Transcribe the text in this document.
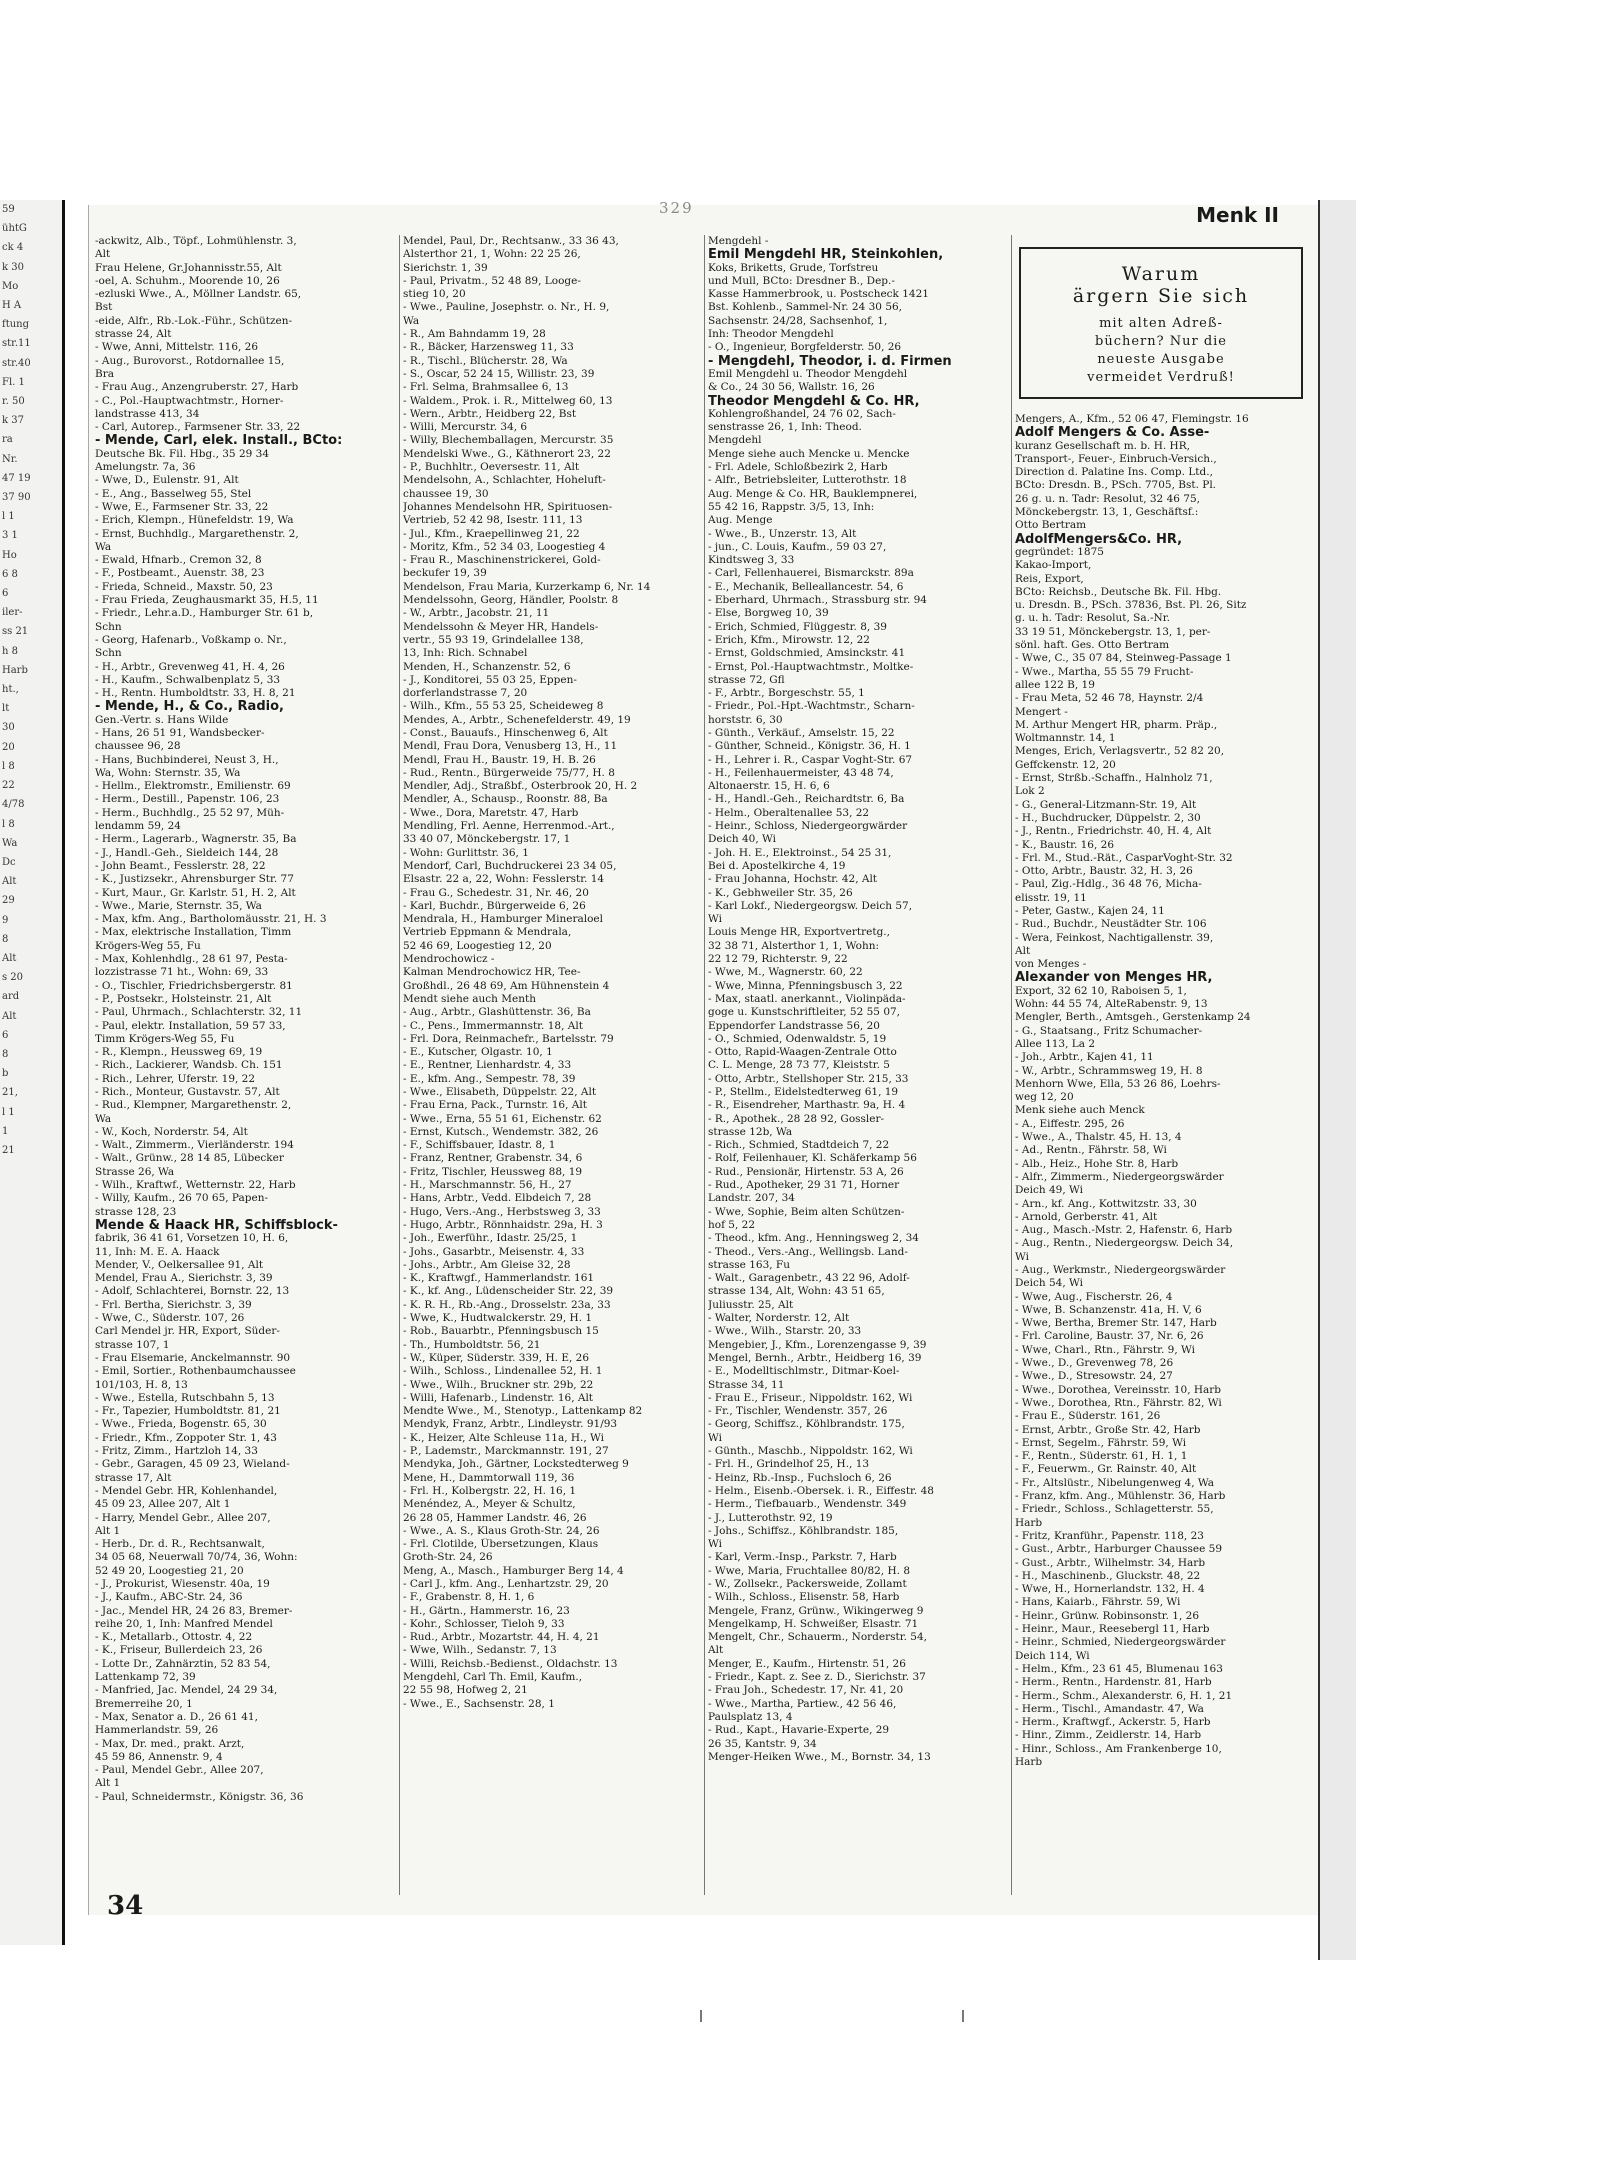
59
ühtG
ck 4
k 30
Mo
H A
ftung
str.11
str.40
Fl. 1
r. 50
k 37
ra
Nr.
47 19
37 90
l 1
3 1
Ho
6 8
6
iler-
ss 21
h 8
Harb
ht.,
lt
30
20
l 8
22
4/78
l 8
Wa
Dc
Alt
29
9
8
Alt
s 20
ard
Alt
6
8
b
21,
l 1
1
21
329	Menk II
-ackwitz, Alb., Töpf., Lohmühlenstr. 3,
Alt
Frau Helene, Gr.Johannisstr.55, Alt
-oel, A. Schuhm., Moorende 10, 26
-ezluski Wwe., A., Möllner Landstr. 65,
Bst
-eide, Alfr., Rb.-Lok.-Führ., Schützen-
strasse 24, Alt
- Wwe, Anni, Mittelstr. 116, 26
- Aug., Burovorst., Rotdornallee 15,
Bra
- Frau Aug., Anzengruberstr. 27, Harb
- C., Pol.-Hauptwachtmstr., Horner-
landstrasse 413, 34
- Carl, Autorep., Farmsener Str. 33, 22
- Mende, Carl, elek. Install., BCto:
Deutsche Bk. Fil. Hbg., 35 29 34
Amelungstr. 7a, 36
- Wwe, D., Eulenstr. 91, Alt
- E., Ang., Basselweg 55, Stel
- Wwe, E., Farmsener Str. 33, 22
- Erich, Klempn., Hünefeldstr. 19, Wa
- Ernst, Buchhdlg., Margarethenstr. 2,
Wa
- Ewald, Hfnarb., Cremon 32, 8
- F., Postbeamt., Auenstr. 38, 23
- Frieda, Schneid., Maxstr. 50, 23
- Frau Frieda, Zeughausmarkt 35, H.5, 11
- Friedr., Lehr.a.D., Hamburger Str. 61 b,
Schn
- Georg, Hafenarb., Voßkamp o. Nr.,
Schn
- H., Arbtr., Grevenweg 41, H. 4, 26
- H., Kaufm., Schwalbenplatz 5, 33
- H., Rentn. Humboldtstr. 33, H. 8, 21
- Mende, H., & Co., Radio,
Gen.-Vertr. s. Hans Wilde
- Hans, 26 51 91, Wandsbecker-
chaussee 96, 28
- Hans, Buchbinderei, Neust 3, H.,
Wa, Wohn: Sternstr. 35, Wa
- Hellm., Elektromstr., Emilienstr. 69
- Herm., Destill., Papenstr. 106, 23
- Herm., Buchhdlg., 25 52 97, Müh-
lendamm 59, 24
- Herm., Lagerarb., Wagnerstr. 35, Ba
- J., Handl.-Geh., Sieldeich 144, 28
- John Beamt., Fesslerstr. 28, 22
- K., Justizsekr., Ahrensburger Str. 77
- Kurt, Maur., Gr. Karlstr. 51, H. 2, Alt
- Wwe., Marie, Sternstr. 35, Wa
- Max, kfm. Ang., Bartholomäusstr. 21, H. 3
- Max, elektrische Installation, Timm
Krögers-Weg 55, Fu
- Max, Kohlenhdlg., 28 61 97, Pesta-
lozzistrasse 71 ht., Wohn: 69, 33
- O., Tischler, Friedrichsbergerstr. 81
- P., Postsekr., Holsteinstr. 21, Alt
- Paul, Uhrmach., Schlachterstr. 32, 11
- Paul, elektr. Installation, 59 57 33,
Timm Krögers-Weg 55, Fu
- R., Klempn., Heussweg 69, 19
- Rich., Lackierer, Wandsb. Ch. 151
- Rich., Lehrer, Uferstr. 19, 22
- Rich., Monteur, Gustavstr. 57, Alt
- Rud., Klempner, Margarethenstr. 2,
Wa
- W., Koch, Norderstr. 54, Alt
- Walt., Zimmerm., Vierländerstr. 194
- Walt., Grünw., 28 14 85, Lübecker
Strasse 26, Wa
- Wilh., Kraftwf., Wetternstr. 22, Harb
- Willy, Kaufm., 26 70 65, Papen-
strasse 128, 23
Mende & Haack HR, Schiffsblock-
fabrik, 36 41 61, Vorsetzen 10, H. 6,
11, Inh: M. E. A. Haack
Mender, V., Oelkersallee 91, Alt
Mendel, Frau A., Sierichstr. 3, 39
- Adolf, Schlachterei, Bornstr. 22, 13
- Frl. Bertha, Sierichstr. 3, 39
- Wwe, C., Süderstr. 107, 26
Carl Mendel jr. HR, Export, Süder-
strasse 107, 1
- Frau Elsemarie, Anckelmannstr. 90
- Emil, Sortier., Rothenbaumchaussee
101/103, H. 8, 13
- Wwe., Estella, Rutschbahn 5, 13
- Fr., Tapezier, Humboldtstr. 81, 21
- Wwe., Frieda, Bogenstr. 65, 30
- Friedr., Kfm., Zoppoter Str. 1, 43
- Fritz, Zimm., Hartzloh 14, 33
- Gebr., Garagen, 45 09 23, Wieland-
strasse 17, Alt
- Mendel Gebr. HR, Kohlenhandel,
45 09 23, Allee 207, Alt 1
- Harry, Mendel Gebr., Allee 207,
Alt 1
- Herb., Dr. d. R., Rechtsanwalt,
34 05 68, Neuerwall 70/74, 36, Wohn:
52 49 20, Loogestieg 21, 20
- J., Prokurist, Wiesenstr. 40a, 19
- J., Kaufm., ABC-Str. 24, 36
- Jac., Mendel HR, 24 26 83, Bremer-
reihe 20, 1, Inh: Manfred Mendel
- K., Metallarb., Ottostr. 4, 22
- K., Friseur, Bullerdeich 23, 26
- Lotte Dr., Zahnärztin, 52 83 54,
Lattenkamp 72, 39
- Manfried, Jac. Mendel, 24 29 34,
Bremerreihe 20, 1
- Max, Senator a. D., 26 61 41,
Hammerlandstr. 59, 26
- Max, Dr. med., prakt. Arzt,
45 59 86, Annenstr. 9, 4
- Paul, Mendel Gebr., Allee 207,
Alt 1
- Paul, Schneidermstr., Königstr. 36, 36
Mendel, Paul, Dr., Rechtsanw., 33 36 43,
Alsterthor 21, 1, Wohn: 22 25 26,
Sierichstr. 1, 39
- Paul, Privatm., 52 48 89, Looge-
stieg 10, 20
- Wwe., Pauline, Josephstr. o. Nr., H. 9,
Wa
- R., Am Bahndamm 19, 28
- R., Bäcker, Harzensweg 11, 33
- R., Tischl., Blücherstr. 28, Wa
- S., Oscar, 52 24 15, Willistr. 23, 39
- Frl. Selma, Brahmsallee 6, 13
- Waldem., Prok. i. R., Mittelweg 60, 13
- Wern., Arbtr., Heidberg 22, Bst
- Willi, Mercurstr. 34, 6
- Willy, Blechemballagen, Mercurstr. 35
Mendelski Wwe., G., Käthnerort 23, 22
- P., Buchhltr., Oeversestr. 11, Alt
Mendelsohn, A., Schlachter, Hoheluft-
chaussee 19, 30
Johannes Mendelsohn HR, Spirituosen-
Vertrieb, 52 42 98, Isestr. 111, 13
- Jul., Kfm., Kraepellinweg 21, 22
- Moritz, Kfm., 52 34 03, Loogestieg 4
- Frau R., Maschinenstrickerei, Gold-
beckufer 19, 39
Mendelson, Frau Maria, Kurzerkamp 6, Nr. 14
Mendelssohn, Georg, Händler, Poolstr. 8
- W., Arbtr., Jacobstr. 21, 11
Mendelssohn & Meyer HR, Handels-
vertr., 55 93 19, Grindelallee 138,
13, Inh: Rich. Schnabel
Menden, H., Schanzenstr. 52, 6
- J., Konditorei, 55 03 25, Eppen-
dorferlandstrasse 7, 20
- Wilh., Kfm., 55 53 25, Scheideweg 8
Mendes, A., Arbtr., Schenefelderstr. 49, 19
- Const., Bauaufs., Hinschenweg 6, Alt
Mendl, Frau Dora, Venusberg 13, H., 11
Mendl, Frau H., Baustr. 19, H. B. 26
- Rud., Rentn., Bürgerweide 75/77, H. 8
Mendler, Adj., Straßbf., Osterbrook 20, H. 2
Mendler, A., Schausp., Roonstr. 88, Ba
- Wwe., Dora, Maretstr. 47, Harb
Mendling, Frl. Aenne, Herrenmod.-Art.,
33 40 07, Mönckebergstr. 17, 1
- Wohn: Gurlittstr. 36, 1
Mendorf, Carl, Buchdruckerei 23 34 05,
Elsastr. 22 a, 22, Wohn: Fesslerstr. 14
- Frau G., Schedestr. 31, Nr. 46, 20
- Karl, Buchdr., Bürgerweide 6, 26
Mendrala, H., Hamburger Mineraloel
Vertrieb Eppmann & Mendrala,
52 46 69, Loogestieg 12, 20
Mendrochowicz -
Kalman Mendrochowicz HR, Tee-
Großhdl., 26 48 69, Am Hühnenstein 4
Mendt siehe auch Menth
- Aug., Arbtr., Glashüttenstr. 36, Ba
- C., Pens., Immermannstr. 18, Alt
- Frl. Dora, Reinmachefr., Bartelsstr. 79
- E., Kutscher, Olgastr. 10, 1
- E., Rentner, Lienhardstr. 4, 33
- E., kfm. Ang., Sempestr. 78, 39
- Wwe., Elisabeth, Düppelstr. 22, Alt
- Frau Erna, Pack., Turnstr. 16, Alt
- Wwe., Erna, 55 51 61, Eichenstr. 62
- Ernst, Kutsch., Wendemstr. 382, 26
- F., Schiffsbauer, Idastr. 8, 1
- Franz, Rentner, Grabenstr. 34, 6
- Fritz, Tischler, Heussweg 88, 19
- H., Marschmannstr. 56, H., 27
- Hans, Arbtr., Vedd. Elbdeich 7, 28
- Hugo, Vers.-Ang., Herbstsweg 3, 33
- Hugo, Arbtr., Rönnhaidstr. 29a, H. 3
- Joh., Ewerführ., Idastr. 25/25, 1
- Johs., Gasarbtr., Meisenstr. 4, 33
- Johs., Arbtr., Am Gleise 32, 28
- K., Kraftwgf., Hammerlandstr. 161
- K., kf. Ang., Lüdenscheider Str. 22, 39
- K. R. H., Rb.-Ang., Drosselstr. 23a, 33
- Wwe, K., Hudtwalckerstr. 29, H. 1
- Rob., Bauarbtr., Pfenningsbusch 15
- Th., Humboldtstr. 56, 21
- W., Küper, Süderstr. 339, H. E, 26
- Wilh., Schloss., Lindenallee 52, H. 1
- Wwe., Wilh., Bruckner str. 29b, 22
- Willi, Hafenarb., Lindenstr. 16, Alt
Mendte Wwe., M., Stenotyp., Lattenkamp 82
Mendyk, Franz, Arbtr., Lindleystr. 91/93
- K., Heizer, Alte Schleuse 11a, H., Wi
- P., Lademstr., Marckmannstr. 191, 27
Mendyka, Joh., Gärtner, Lockstedterweg 9
Mene, H., Dammtorwall 119, 36
- Frl. H., Kolbergstr. 22, H. 16, 1
Menéndez, A., Meyer & Schultz,
26 28 05, Hammer Landstr. 46, 26
- Wwe., A. S., Klaus Groth-Str. 24, 26
- Frl. Clotilde, Übersetzungen, Klaus
Groth-Str. 24, 26
Meng, A., Masch., Hamburger Berg 14, 4
- Carl J., kfm. Ang., Lenhartzstr. 29, 20
- F., Grabenstr. 8, H. 1, 6
- H., Gärtn., Hammerstr. 16, 23
- Kohr., Schlosser, Tieloh 9, 33
- Rud., Arbtr., Mozartstr. 44, H. 4, 21
- Wwe, Wilh., Sedanstr. 7, 13
- Willi, Reichsb.-Bedienst., Oldachstr. 13
Mengdehl, Carl Th. Emil, Kaufm.,
22 55 98, Hofweg 2, 21
- Wwe., E., Sachsenstr. 28, 1
Mengdehl -
Emil Mengdehl HR, Steinkohlen,
Koks, Briketts, Grude, Torfstreu
und Mull, BCto: Dresdner B., Dep.-
Kasse Hammerbrook, u. Postscheck 1421
Bst. Kohlenb., Sammel-Nr. 24 30 56,
Sachsenstr. 24/28, Sachsenhof, 1,
Inh: Theodor Mengdehl
- O., Ingenieur, Borgfelderstr. 50, 26
- Mengdehl, Theodor, i. d. Firmen
Emil Mengdehl u. Theodor Mengdehl
& Co., 24 30 56, Wallstr. 16, 26
Theodor Mengdehl & Co. HR,
Kohlengroßhandel, 24 76 02, Sach-
senstrasse 26, 1, Inh: Theod.
Mengdehl
Menge siehe auch Mencke u. Mencke
- Frl. Adele, Schloßbezirk 2, Harb
- Alfr., Betriebsleiter, Lutterothstr. 18
Aug. Menge & Co. HR, Bauklempnerei,
55 42 16, Rappstr. 3/5, 13, Inh:
Aug. Menge
- Wwe., B., Unzerstr. 13, Alt
- jun., C. Louis, Kaufm., 59 03 27,
Kindtsweg 3, 33
- Carl, Fellenhauerei, Bismarckstr. 89a
- E., Mechanik, Belleallancestr. 54, 6
- Eberhard, Uhrmach., Strassburg str. 94
- Else, Borgweg 10, 39
- Erich, Schmied, Flüggestr. 8, 39
- Erich, Kfm., Mirowstr. 12, 22
- Ernst, Goldschmied, Amsinckstr. 41
- Ernst, Pol.-Hauptwachtmstr., Moltke-
strasse 72, Gfl
- F., Arbtr., Borgeschstr. 55, 1
- Friedr., Pol.-Hpt.-Wachtmstr., Scharn-
horststr. 6, 30
- Günth., Verkäuf., Amselstr. 15, 22
- Günther, Schneid., Königstr. 36, H. 1
- H., Lehrer i. R., Caspar Voght-Str. 67
- H., Feilenhauermeister, 43 48 74,
Altonaerstr. 15, H. 6, 6
- H., Handl.-Geh., Reichardtstr. 6, Ba
- Helm., Oberaltenallee 53, 22
- Heinr., Schloss, Niedergeorgwärder
Deich 40, Wi
- Joh. H. E., Elektroinst., 54 25 31,
Bei d. Apostelkirche 4, 19
- Frau Johanna, Hochstr. 42, Alt
- K., Gebhweiler Str. 35, 26
- Karl Lokf., Niedergeorgsw. Deich 57,
Wi
Louis Menge HR, Exportvertretg.,
32 38 71, Alsterthor 1, 1, Wohn:
22 12 79, Richterstr. 9, 22
- Wwe, M., Wagnerstr. 60, 22
- Wwe, Minna, Pfenningsbusch 3, 22
- Max, staatl. anerkannt., Violinpäda-
goge u. Kunstschriftleiter, 52 55 07,
Eppendorfer Landstrasse 56, 20
- O., Schmied, Odenwaldstr. 5, 19
- Otto, Rapid-Waagen-Zentrale Otto
C. L. Menge, 28 73 77, Kleiststr. 5
- Otto, Arbtr., Stellshoper Str. 215, 33
- P., Stellm., Eidelstedterweg 61, 19
- R., Eisendreher, Marthastr. 9a, H. 4
- R., Apothek., 28 28 92, Gossler-
strasse 12b, Wa
- Rich., Schmied, Stadtdeich 7, 22
- Rolf, Feilenhauer, Kl. Schäferkamp 56
- Rud., Pensionär, Hirtenstr. 53 A, 26
- Rud., Apotheker, 29 31 71, Horner
Landstr. 207, 34
- Wwe, Sophie, Beim alten Schützen-
hof 5, 22
- Theod., kfm. Ang., Henningsweg 2, 34
- Theod., Vers.-Ang., Wellingsb. Land-
strasse 163, Fu
- Walt., Garagenbetr., 43 22 96, Adolf-
strasse 134, Alt, Wohn: 43 51 65,
Juliusstr. 25, Alt
- Walter, Norderstr. 12, Alt
- Wwe., Wilh., Starstr. 20, 33
Mengebier, J., Kfm., Lorenzengasse 9, 39
Mengel, Bernh., Arbtr., Heidberg 16, 39
- E., Modelltischlmstr., Ditmar-Koel-
Strasse 34, 11
- Frau E., Friseur., Nippoldstr. 162, Wi
- Fr., Tischler, Wendenstr. 357, 26
- Georg, Schiffsz., Köhlbrandstr. 175,
Wi
- Günth., Maschb., Nippoldstr. 162, Wi
- Frl. H., Grindelhof 25, H., 13
- Heinz, Rb.-Insp., Fuchsloch 6, 26
- Helm., Eisenb.-Obersek. i. R., Eiffestr. 48
- Herm., Tiefbauarb., Wendenstr. 349
- J., Lutterothstr. 92, 19
- Johs., Schiffsz., Köhlbrandstr. 185,
Wi
- Karl, Verm.-Insp., Parkstr. 7, Harb
- Wwe, Maria, Fruchtallee 80/82, H. 8
- W., Zollsekr., Packersweide, Zollamt
- Wilh., Schloss., Elisenstr. 58, Harb
Mengele, Franz, Grünw., Wikingerweg 9
Mengelkamp, H. Schweißer, Elsastr. 71
Mengelt, Chr., Schauerm., Norderstr. 54,
Alt
Menger, E., Kaufm., Hirtenstr. 51, 26
- Friedr., Kapt. z. See z. D., Sierichstr. 37
- Frau Joh., Schedestr. 17, Nr. 41, 20
- Wwe., Martha, Partiew., 42 56 46,
Paulsplatz 13, 4
- Rud., Kapt., Havarie-Experte, 29
26 35, Kantstr. 9, 34
Menger-Heiken Wwe., M., Bornstr. 34, 13
Warum
ärgern Sie sich
mit alten Adreß-
büchern? Nur die
neueste Ausgabe
vermeidet Verdruß!
Mengers, A., Kfm., 52 06 47, Flemingstr. 16
Adolf Mengers & Co. Asse-
kuranz Gesellschaft m. b. H. HR,
Transport-, Feuer-, Einbruch-Versich.,
Direction d. Palatine Ins. Comp. Ltd.,
BCto: Dresdn. B., PSch. 7705, Bst. Pl.
26 g. u. n. Tadr: Resolut, 32 46 75,
Mönckebergstr. 13, 1, Geschäftsf.:
Otto Bertram
AdolfMengers&Co. HR,
gegründet: 1875
Kakao-Import,
Reis, Export,
BCto: Reichsb., Deutsche Bk. Fil. Hbg.
u. Dresdn. B., PSch. 37836, Bst. Pl. 26, Sitz
g. u. h. Tadr: Resolut, Sa.-Nr.
33 19 51, Mönckebergstr. 13, 1, per-
sönl. haft. Ges. Otto Bertram
- Wwe, C., 35 07 84, Steinweg-Passage 1
- Wwe., Martha, 55 55 79 Frucht-
allee 122 B, 19
- Frau Meta, 52 46 78, Haynstr. 2/4
Mengert -
M. Arthur Mengert HR, pharm. Präp.,
Woltmannstr. 14, 1
Menges, Erich, Verlagsvertr., 52 82 20,
Geffckenstr. 12, 20
- Ernst, Strßb.-Schaffn., Halnholz 71,
Lok 2
- G., General-Litzmann-Str. 19, Alt
- H., Buchdrucker, Düppelstr. 2, 30
- J., Rentn., Friedrichstr. 40, H. 4, Alt
- K., Baustr. 16, 26
- Frl. M., Stud.-Rät., CasparVoght-Str. 32
- Otto, Arbtr., Baustr. 32, H. 3, 26
- Paul, Zig.-Hdlg., 36 48 76, Micha-
elisstr. 19, 11
- Peter, Gastw., Kajen 24, 11
- Rud., Buchdr., Neustädter Str. 106
- Wera, Feinkost, Nachtigallenstr. 39,
Alt
von Menges -
Alexander von Menges HR,
Export, 32 62 10, Raboisen 5, 1,
Wohn: 44 55 74, AlteRabenstr. 9, 13
Mengler, Berth., Amtsgeh., Gerstenkamp 24
- G., Staatsang., Fritz Schumacher-
Allee 113, La 2
- Joh., Arbtr., Kajen 41, 11
- W., Arbtr., Schrammsweg 19, H. 8
Menhorn Wwe, Ella, 53 26 86, Loehrs-
weg 12, 20
Menk siehe auch Menck
- A., Eiffestr. 295, 26
- Wwe., A., Thalstr. 45, H. 13, 4
- Ad., Rentn., Fährstr. 58, Wi
- Alb., Heiz., Hohe Str. 8, Harb
- Alfr., Zimmerm., Niedergeorgswärder
Deich 49, Wi
- Arn., kf. Ang., Kottwitzstr. 33, 30
- Arnold, Gerberstr. 41, Alt
- Aug., Masch.-Mstr. 2, Hafenstr. 6, Harb
- Aug., Rentn., Niedergeorgsw. Deich 34,
Wi
- Aug., Werkmstr., Niedergeorgswärder
Deich 54, Wi
- Wwe, Aug., Fischerstr. 26, 4
- Wwe, B. Schanzenstr. 41a, H. V, 6
- Wwe, Bertha, Bremer Str. 147, Harb
- Frl. Caroline, Baustr. 37, Nr. 6, 26
- Wwe, Charl., Rtn., Fährstr. 9, Wi
- Wwe., D., Grevenweg 78, 26
- Wwe., D., Stresowstr. 24, 27
- Wwe., Dorothea, Vereinsstr. 10, Harb
- Wwe., Dorothea, Rtn., Fährstr. 82, Wi
- Frau E., Süderstr. 161, 26
- Ernst, Arbtr., Große Str. 42, Harb
- Ernst, Segelm., Fährstr. 59, Wi
- F., Rentn., Süderstr. 61, H. 1, 1
- F., Feuerwm., Gr. Rainstr. 40, Alt
- Fr., Altslüstr., Nibelungenweg 4, Wa
- Franz, kfm. Ang., Mühlenstr. 36, Harb
- Friedr., Schloss., Schlagetterstr. 55,
Harb
- Fritz, Kranführ., Papenstr. 118, 23
- Gust., Arbtr., Harburger Chaussee 59
- Gust., Arbtr., Wilhelmstr. 34, Harb
- H., Maschinenb., Gluckstr. 48, 22
- Wwe, H., Hornerlandstr. 132, H. 4
- Hans, Kaiarb., Fährstr. 59, Wi
- Heinr., Grünw. Robinsonstr. 1, 26
- Heinr., Maur., Reesebergl 11, Harb
- Heinr., Schmied, Niedergeorgswärder
Deich 114, Wi
- Helm., Kfm., 23 61 45, Blumenau 163
- Herm., Rentn., Hardenstr. 81, Harb
- Herm., Schm., Alexanderstr. 6, H. 1, 21
- Herm., Tischl., Amandastr. 47, Wa
- Herm., Kraftwgf., Ackerstr. 5, Harb
- Hinr., Zimm., Zeidlerstr. 14, Harb
- Hinr., Schloss., Am Frankenberge 10,
Harb
34
